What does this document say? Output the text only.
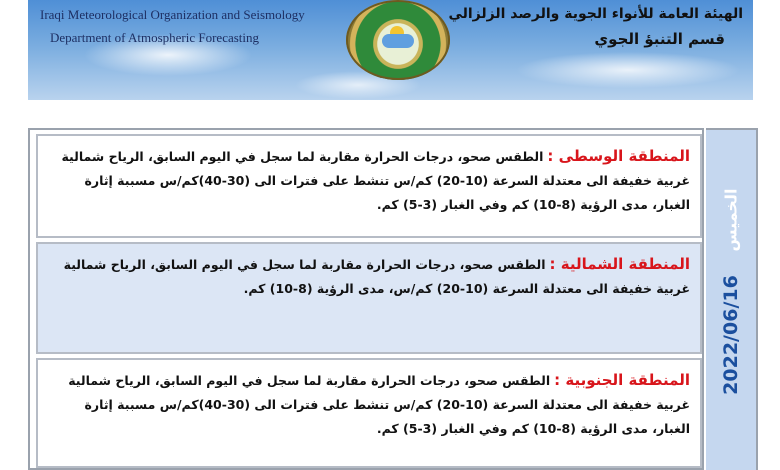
Iraqi Meteorological Organization and Seismology
Department of Atmospheric Forecasting
الهيئة العامة للأنواء الجوية والرصد الزلزالي
قسم التنبؤ الجوي
المنطقة الوسطى :الطقس صحو، درجات الحرارة مقاربة لما سجل في اليوم السابق، الرياح شمالية غربية خفيفة الى معتدلة السرعة (10-20) كم/س تنشط على فترات الى (30-40)كم/س مسببة إثارة الغبار، مدى الرؤية (8-10) كم وفي الغبار (3-5) كم.
المنطقة الشمالية :الطقس صحو، درجات الحرارة مقاربة لما سجل في اليوم السابق، الرياح شمالية غربية خفيفة الى معتدلة السرعة (10-20) كم/س، مدى الرؤية (8-10) كم.
المنطقة الجنوبية :الطقس صحو، درجات الحرارة مقاربة لما سجل في اليوم السابق، الرياح شمالية غربية خفيفة الى معتدلة السرعة (10-20) كم/س تنشط على فترات الى (30-40)كم/س مسببة إثارة الغبار، مدى الرؤية (8-10) كم وفي الغبار (3-5) كم.
الخميس
2022/06/16
